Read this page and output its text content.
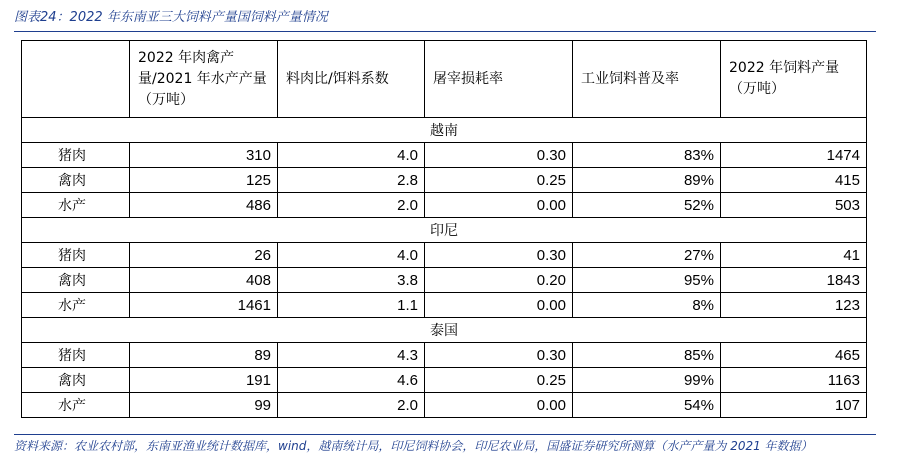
图表24：2022 年东南亚三大饲料产量国饲料产量情况
	2022 年肉禽产量/2021 年水产产量（万吨）	料肉比/饵料系数	屠宰损耗率	工业饲料普及率	2022 年饲料产量（万吨）
越南					
猪肉	310	4.0	0.30	83%	1474
禽肉	125	2.8	0.25	89%	415
水产	486	2.0	0.00	52%	503
印尼					
猪肉	26	4.0	0.30	27%	41
禽肉	408	3.8	0.20	95%	1843
水产	1461	1.1	0.00	8%	123
泰国					
猪肉	89	4.3	0.30	85%	465
禽肉	191	4.6	0.25	99%	1163
水产	99	2.0	0.00	54%	107
资料来源：农业农村部，东南亚渔业统计数据库，wind，越南统计局，印尼饲料协会，印尼农业局，国盛证券研究所测算（水产产量为 2021 年数据）
